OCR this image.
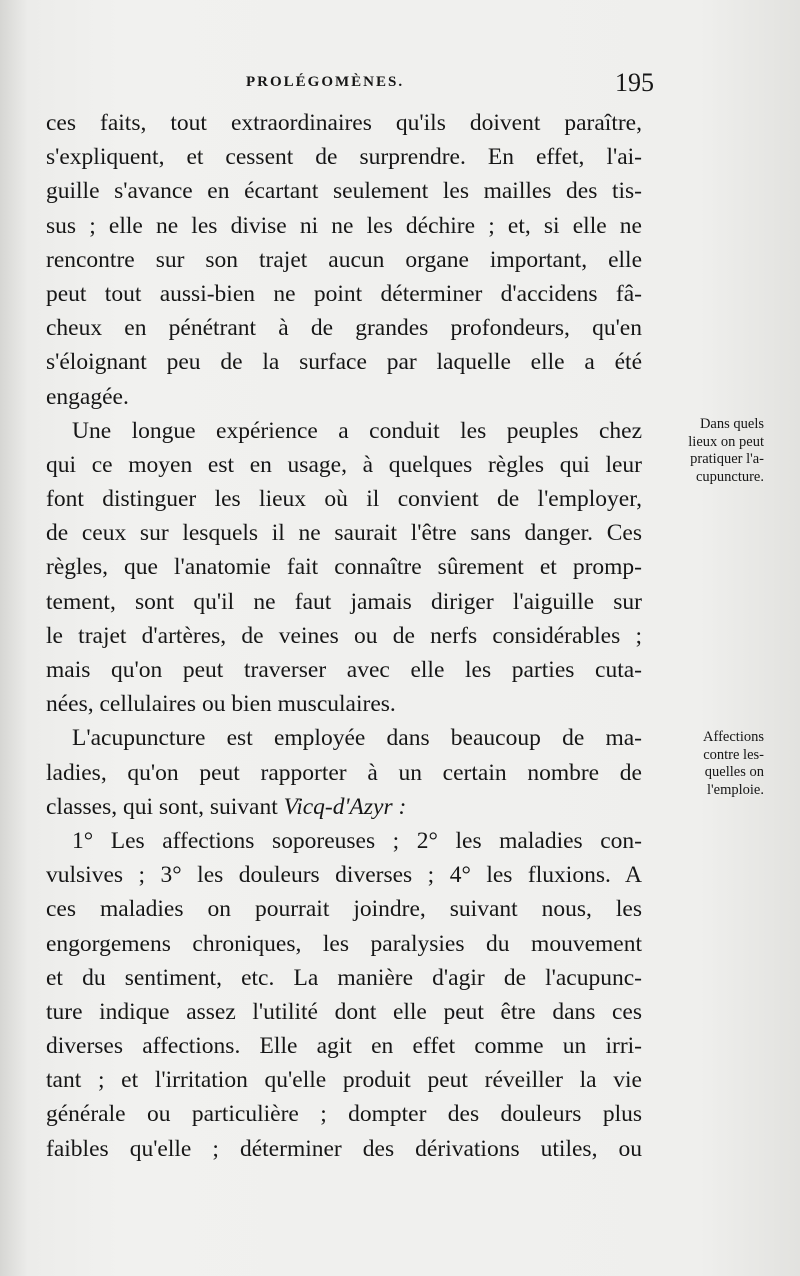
PROLÉGOMÈNES.	195
ces faits, tout extraordinaires qu'ils doivent paraître,
s'expliquent, et cessent de surprendre. En effet, l'ai-
guille s'avance en écartant seulement les mailles des tis-
sus ; elle ne les divise ni ne les déchire ; et, si elle ne
rencontre sur son trajet aucun organe important, elle
peut tout aussi-bien ne point déterminer d'accidens fâ-
cheux en pénétrant à de grandes profondeurs, qu'en
s'éloignant peu de la surface par laquelle elle a été
engagée.
Une longue expérience a conduit les peuples chez
qui ce moyen est en usage, à quelques règles qui leur
font distinguer les lieux où il convient de l'employer,
de ceux sur lesquels il ne saurait l'être sans danger. Ces
règles, que l'anatomie fait connaître sûrement et promp-
tement, sont qu'il ne faut jamais diriger l'aiguille sur
le trajet d'artères, de veines ou de nerfs considérables ;
mais qu'on peut traverser avec elle les parties cuta-
nées, cellulaires ou bien musculaires.
L'acupuncture est employée dans beaucoup de ma-
ladies, qu'on peut rapporter à un certain nombre de
classes, qui sont, suivant Vicq-d'Azyr :
1° Les affections soporeuses ; 2° les maladies con-
vulsives ; 3° les douleurs diverses ; 4° les fluxions. A
ces maladies on pourrait joindre, suivant nous, les
engorgemens chroniques, les paralysies du mouvement
et du sentiment, etc. La manière d'agir de l'acupunc-
ture indique assez l'utilité dont elle peut être dans ces
diverses affections. Elle agit en effet comme un irri-
tant ; et l'irritation qu'elle produit peut réveiller la vie
générale ou particulière ; dompter des douleurs plus
faibles qu'elle ; déterminer des dérivations utiles, ou
Dans quels
lieux on peut
pratiquer l'a-
cupuncture.
Affections
contre les-
quelles on
l'emploie.
